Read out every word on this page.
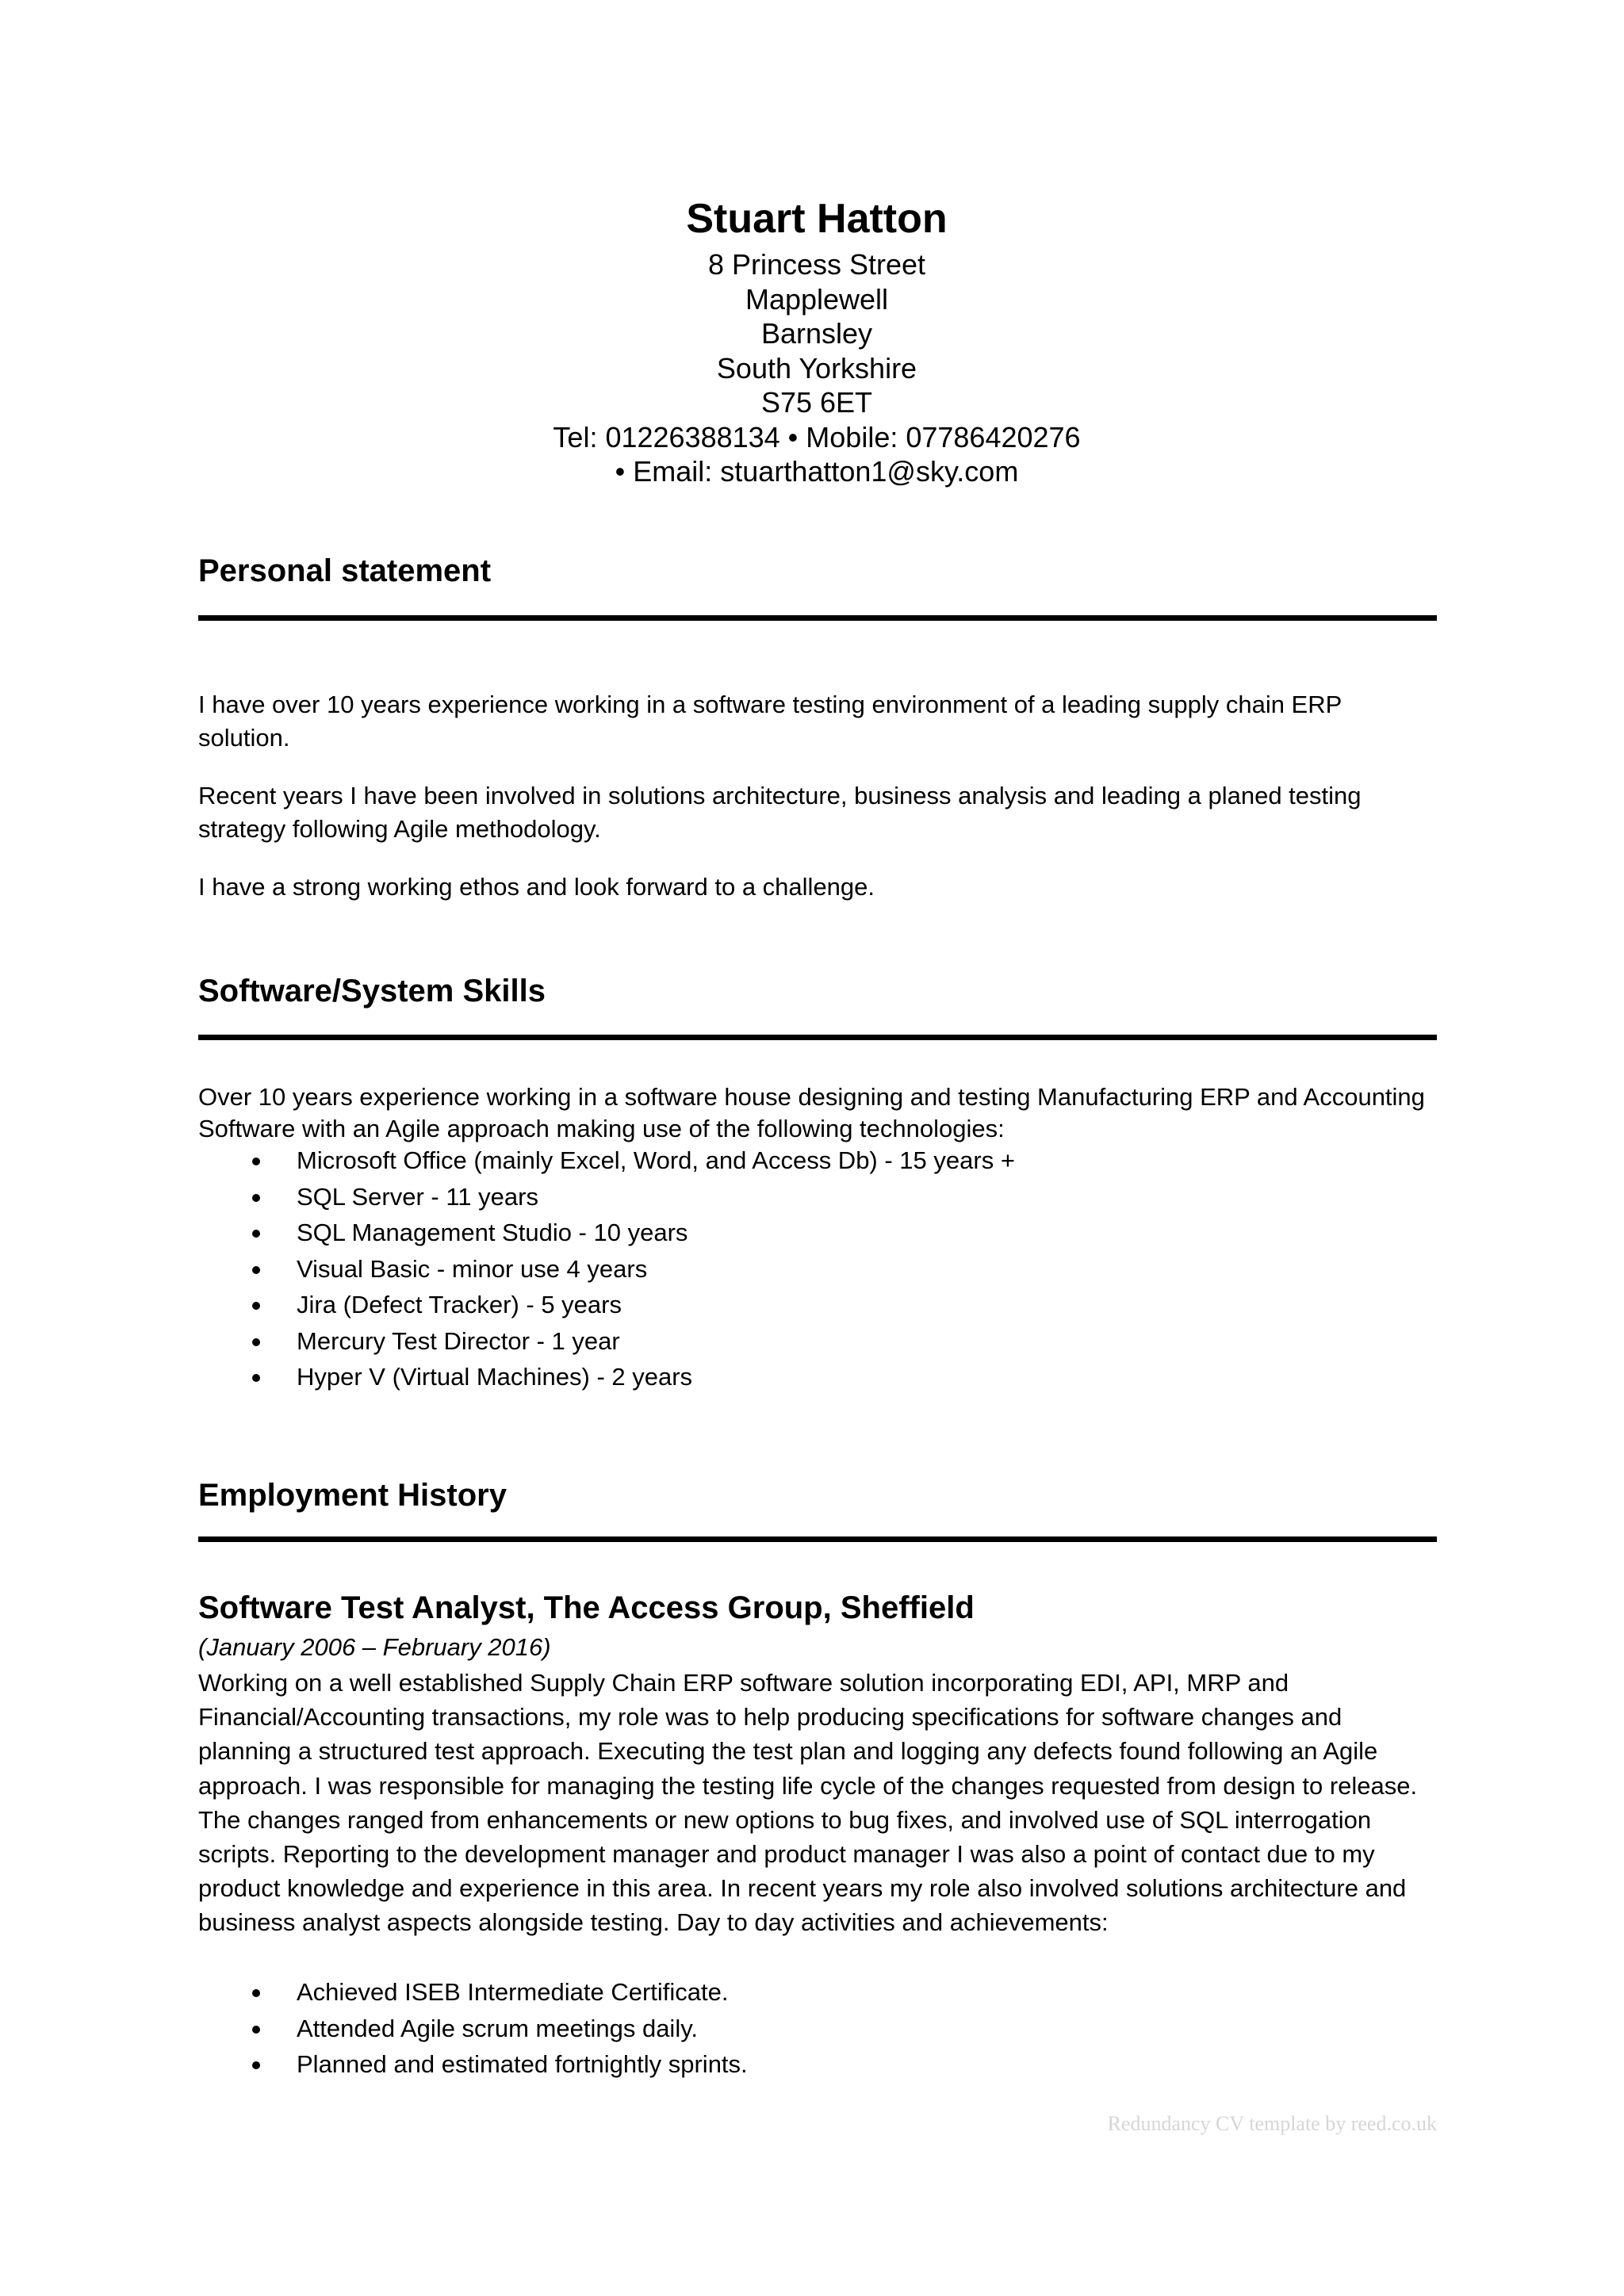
Stuart Hatton

8 Princess Street

Mapplewell

Barnsley

South Yorkshire

S75 6ET

Tel: 01226388134 • Mobile: 07786420276

• Email: stuarthatton1@sky.com

Personal statement

I have over 10 years experience working in a software testing environment of a leading supply chain ERP solution.

Recent years I have been involved in solutions architecture, business analysis and leading a planed testing strategy following Agile methodology.

I have a strong working ethos and look forward to a challenge.

Software/System Skills

Over 10 years experience working in a software house designing and testing Manufacturing ERP and Accounting Software with an Agile approach making use of the following technologies:

Microsoft Office (mainly Excel, Word, and Access Db) - 15 years +
SQL Server - 11 years
SQL Management Studio - 10 years
Visual Basic - minor use 4 years
Jira (Defect Tracker) - 5 years
Mercury Test Director - 1 year
Hyper V (Virtual Machines) - 2 years
Employment History

Software Test Analyst, The Access Group, Sheffield

(January 2006 – February 2016)

Working on a well established Supply Chain ERP software solution incorporating EDI, API, MRP and Financial/Accounting transactions, my role was to help producing specifications for software changes and planning a structured test approach. Executing the test plan and logging any defects found following an Agile approach. I was responsible for managing the testing life cycle of the changes requested from design to release. The changes ranged from enhancements or new options to bug fixes, and involved use of SQL interrogation scripts. Reporting to the development manager and product manager I was also a point of contact due to my product knowledge and experience in this area. In recent years my role also involved solutions architecture and business analyst aspects alongside testing. Day to day activities and achievements:

Achieved ISEB Intermediate Certificate.
Attended Agile scrum meetings daily.
Planned and estimated fortnightly sprints.

Redundancy CV template by reed.co.uk
